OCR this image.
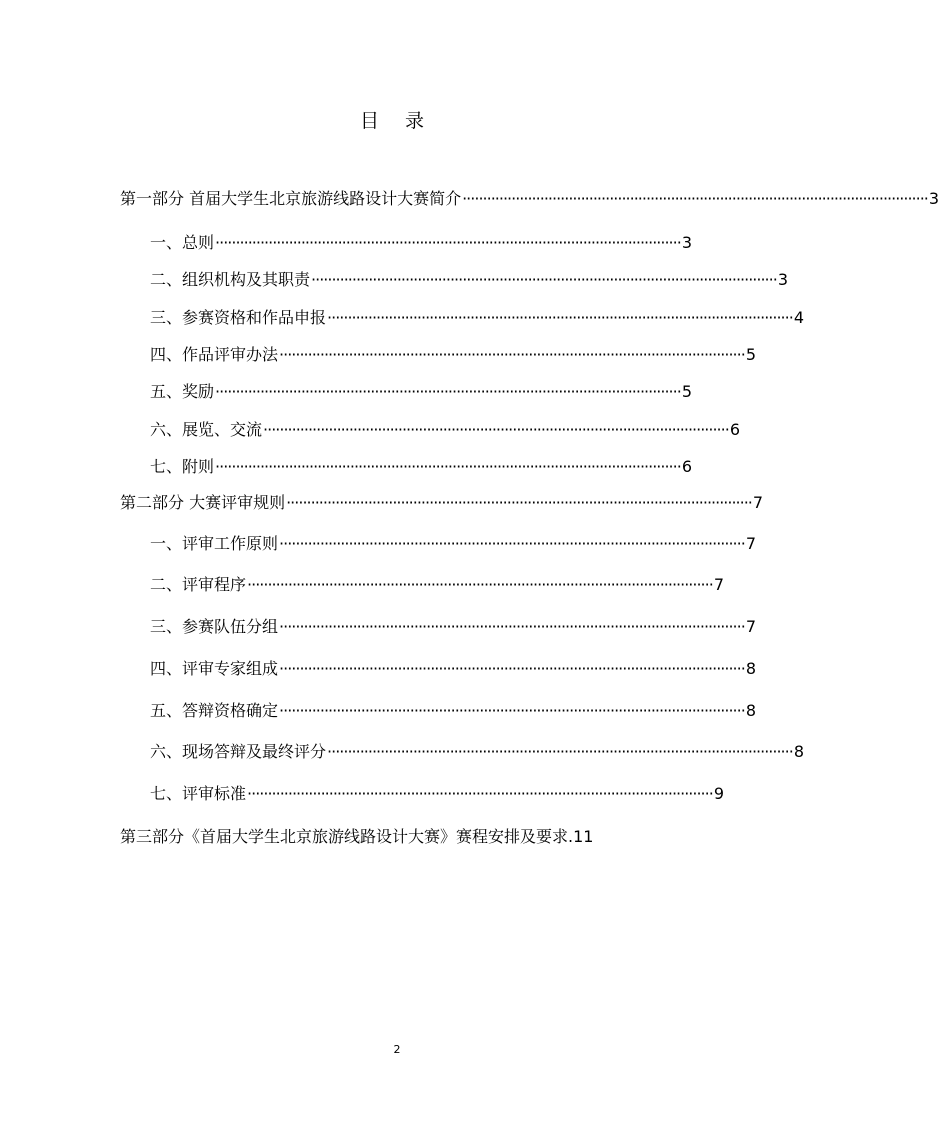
目 录
第一部分 首届大学生北京旅游线路设计大赛简介 ·················································································································· 3
一、总则 ·················································································································· 3
二、组织机构及其职责 ·················································································································· 3
三、参赛资格和作品申报 ·················································································································· 4
四、作品评审办法 ·················································································································· 5
五、奖励 ·················································································································· 5
六、展览、交流 ·················································································································· 6
七、附则 ·················································································································· 6
第二部分 大赛评审规则 ·················································································································· 7
一、评审工作原则 ·················································································································· 7
二、评审程序 ·················································································································· 7
三、参赛队伍分组 ·················································································································· 7
四、评审专家组成 ·················································································································· 8
五、答辩资格确定 ·················································································································· 8
六、现场答辩及最终评分 ·················································································································· 8
七、评审标准 ·················································································································· 9
第三部分《首届大学生北京旅游线路设计大赛》赛程安排及要求.11
2
